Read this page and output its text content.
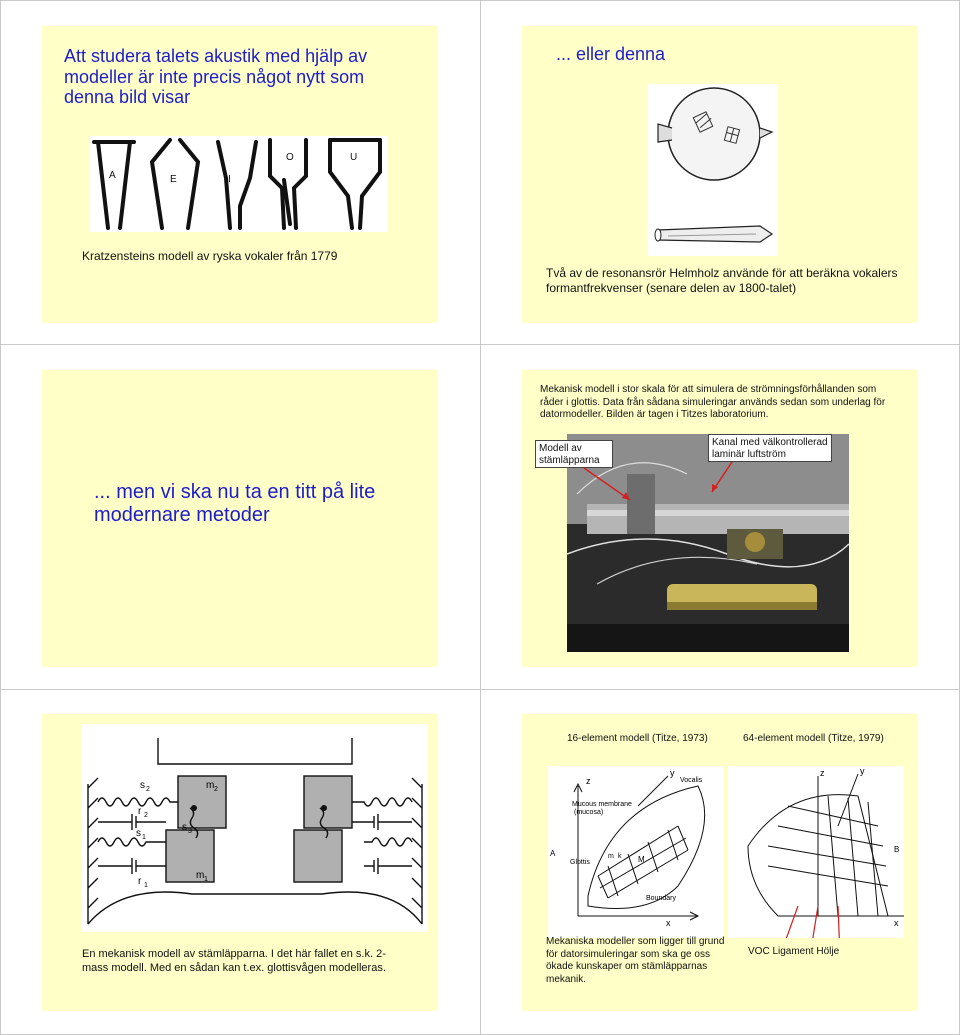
Att studera talets akustik med hjälp av modeller är inte precis något nytt som denna bild visar
A	E	I
O	U
Kratzensteins modell av ryska vokaler från 1779
... eller denna
Två av de resonansrör Helmholz använde för att beräkna vokalers formantfrekvenser (senare delen av 1800-talet)
... men vi ska nu ta en titt på lite modernare metoder
Mekanisk modell i stor skala för att simulera de strömningsförhållanden som råder i glottis. Data från sådana simuleringar används sedan som underlag för datormodeller. Bilden är tagen i Titzes laboratorium.
Modell av stämläpparna
Kanal med välkontrollerad laminär luftström
s 2	m 2
s 3
s 1
r 2
r 1
m 1
En mekanisk modell av stämläpparna. I det här fallet en s.k. 2-mass modell. Med en sådan kan t.ex. glottisvågen modelleras.
16-element modell (Titze, 1973)	64-element modell (Titze, 1979)
z
y
Vocalis
Mucous membrane
(mucosa)
A
Glottis
m k M
Boundary
x
z	y
B
x
Mekaniska modeller som ligger till grund för datorsimuleringar som ska ge oss ökade kunskaper om stämläpparnas mekanik.
VOC Ligament Hölje
